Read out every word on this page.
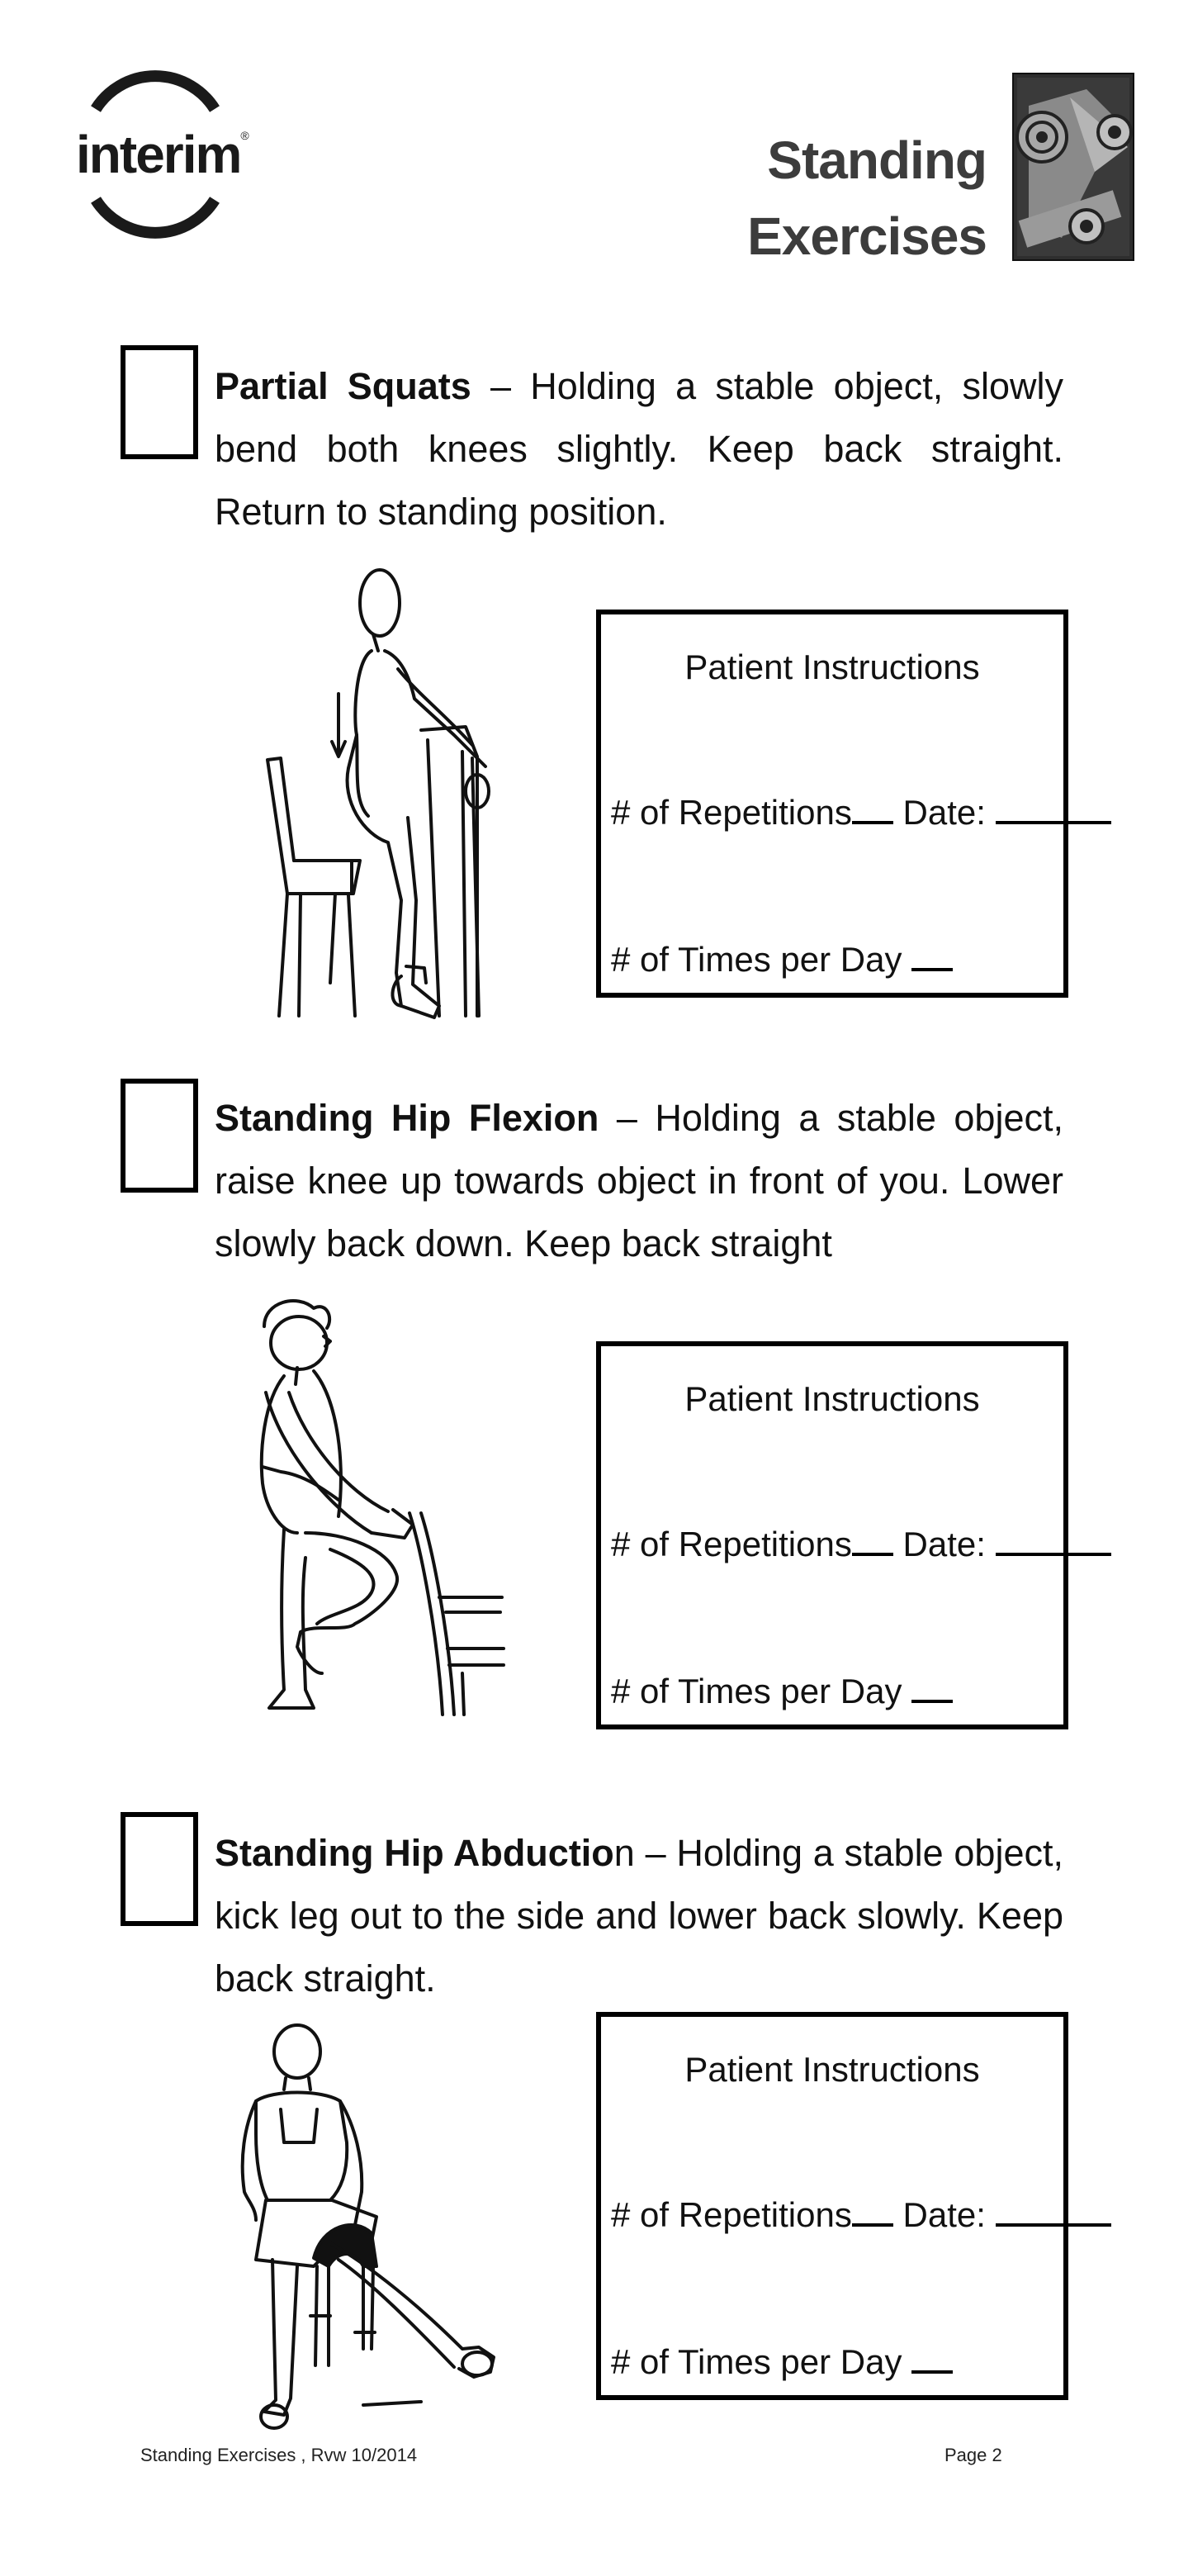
interim®	Standing
Exercises
Partial Squats – Holding a stable object, slowly bend both knees slightly. Keep back straight. Return to standing position.
Patient Instructions
# of Repetitions Date:
# of Times per Day
Standing Hip Flexion – Holding a stable object, raise knee up towards object in front of you. Lower slowly back down. Keep back straight
Patient Instructions
# of Repetitions Date:
# of Times per Day
Standing Hip Abduction – Holding a stable object, kick leg out to the side and lower back slowly. Keep back straight.
Patient Instructions
# of Repetitions Date:
# of Times per Day
Standing Exercises , Rvw 10/2014	Page 2
